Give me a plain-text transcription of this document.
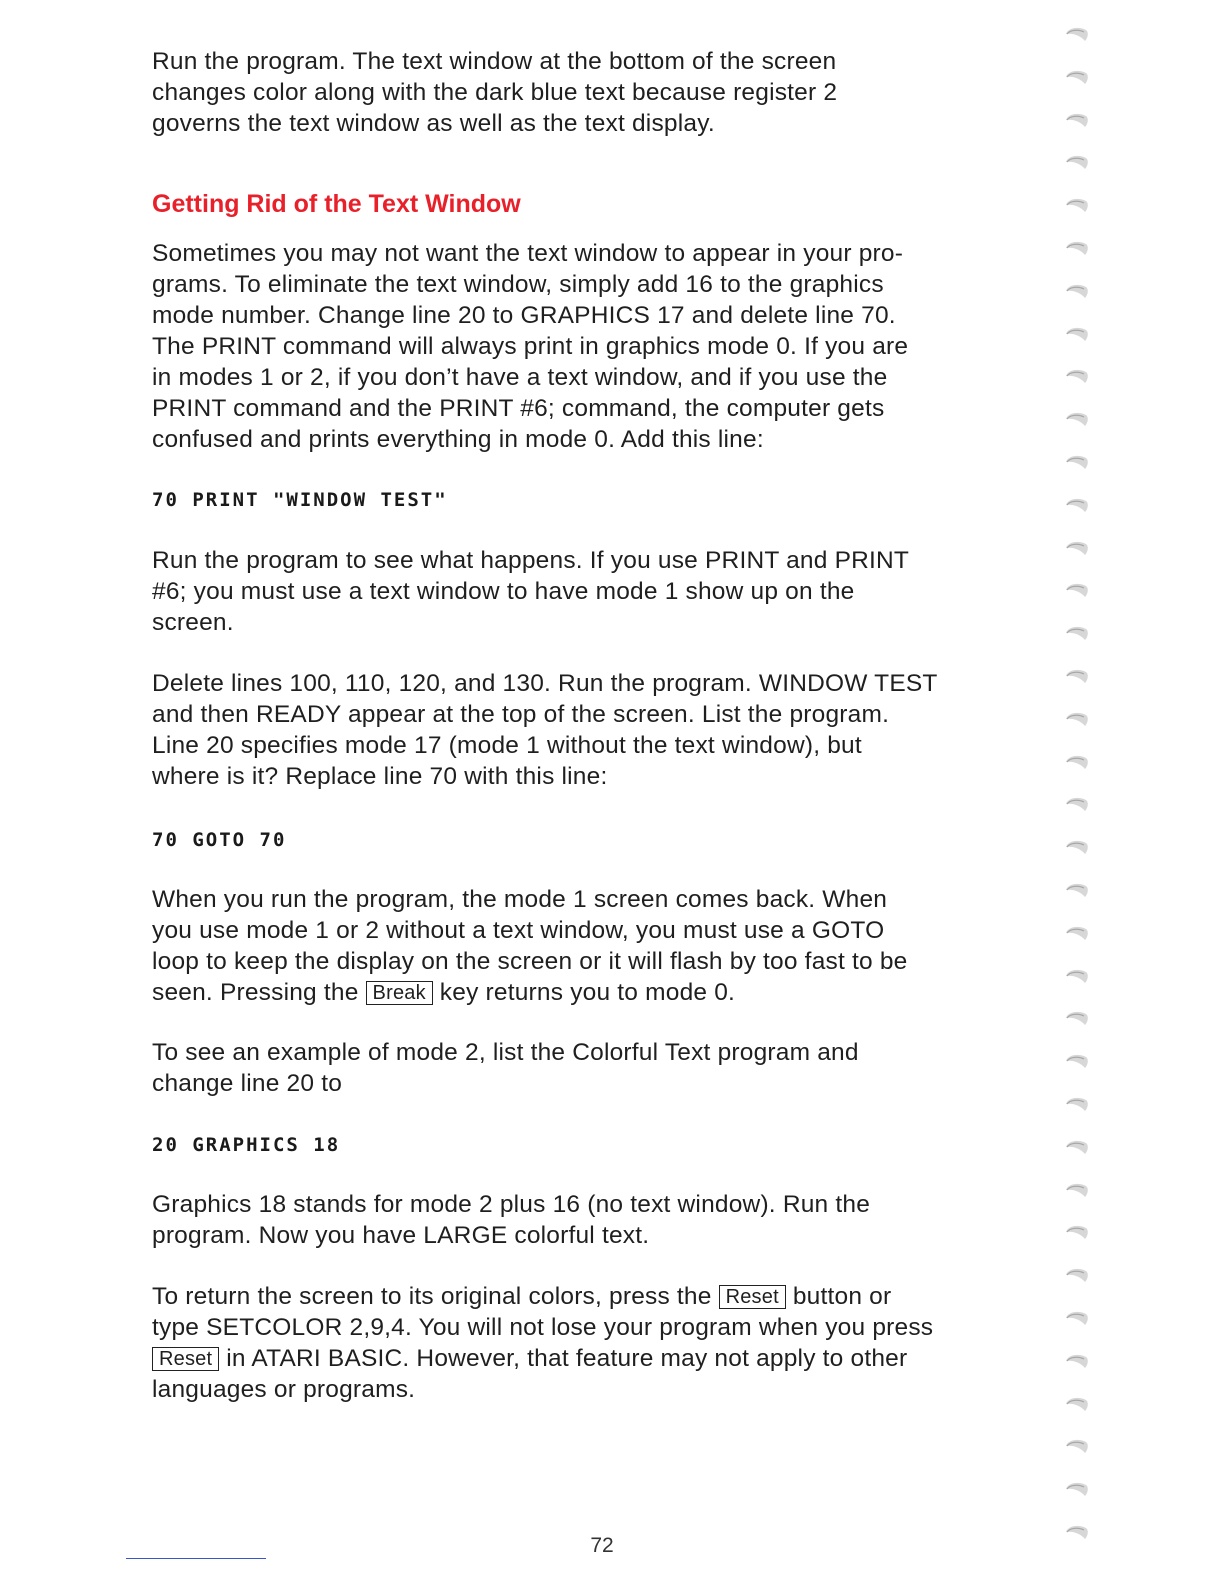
Run the program. The text window at the bottom of the screen
changes color along with the dark blue text because register 2
governs the text window as well as the text display.

Getting Rid of the Text Window

Sometimes you may not want the text window to appear in your pro-
grams. To eliminate the text window, simply add 16 to the graphics
mode number. Change line 20 to GRAPHICS 17 and delete line 70.
The PRINT command will always print in graphics mode 0. If you are
in modes 1 or 2, if you don’t have a text window, and if you use the
PRINT command and the PRINT #6; command, the computer gets
confused and prints everything in mode 0. Add this line:

70 PRINT "WINDOW TEST"

Run the program to see what happens. If you use PRINT and PRINT
#6; you must use a text window to have mode 1 show up on the
screen.

Delete lines 100, 110, 120, and 130. Run the program. WINDOW TEST
and then READY appear at the top of the screen. List the program.
Line 20 specifies mode 17 (mode 1 without the text window), but
where is it? Replace line 70 with this line:

70 GOTO 70

When you run the program, the mode 1 screen comes back. When
you use mode 1 or 2 without a text window, you must use a GOTO
loop to keep the display on the screen or it will flash by too fast to be
seen. Pressing the Break key returns you to mode 0.

To see an example of mode 2, list the Colorful Text program and
change line 20 to

20 GRAPHICS 18

Graphics 18 stands for mode 2 plus 16 (no text window). Run the
program. Now you have LARGE colorful text.

To return the screen to its original colors, press the Reset button or
type SETCOLOR 2,9,4. You will not lose your program when you press
Reset in ATARI BASIC. However, that feature may not apply to other
languages or programs.

72
